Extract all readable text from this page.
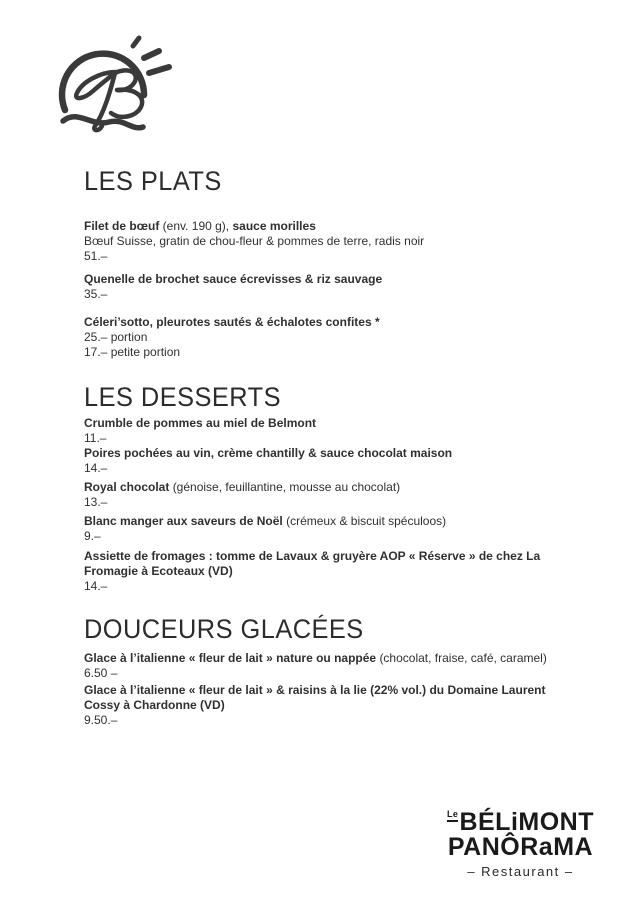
LES PLATS
Filet de bœuf (env. 190 g), sauce morilles
Bœuf Suisse, gratin de chou-fleur & pommes de terre, radis noir
51.–
Quenelle de brochet sauce écrevisses & riz sauvage
35.–
Céleri’sotto, pleurotes sautés & échalotes confites *
25.– portion
17.– petite portion
LES DESSERTS
Crumble de pommes au miel de Belmont
11.–
Poires pochées au vin, crème chantilly & sauce chocolat maison
14.–
Royal chocolat (génoise, feuillantine, mousse au chocolat)
13.–
Blanc manger aux saveurs de Noël (crémeux & biscuit spéculoos)
9.–
Assiette de fromages : tomme de Lavaux & gruyère AOP « Réserve » de chez La
Fromagie à Ecoteaux (VD)
14.–
DOUCEURS GLACÉES
Glace à l’italienne « fleur de lait » nature ou nappée (chocolat, fraise, café, caramel)
6.50 –
Glace à l’italienne « fleur de lait » & raisins à la lie (22% vol.) du Domaine Laurent
Cossy à Chardonne (VD)
9.50.–
LeBÉLiMONT
PANÔRaMA
– Restaurant –
